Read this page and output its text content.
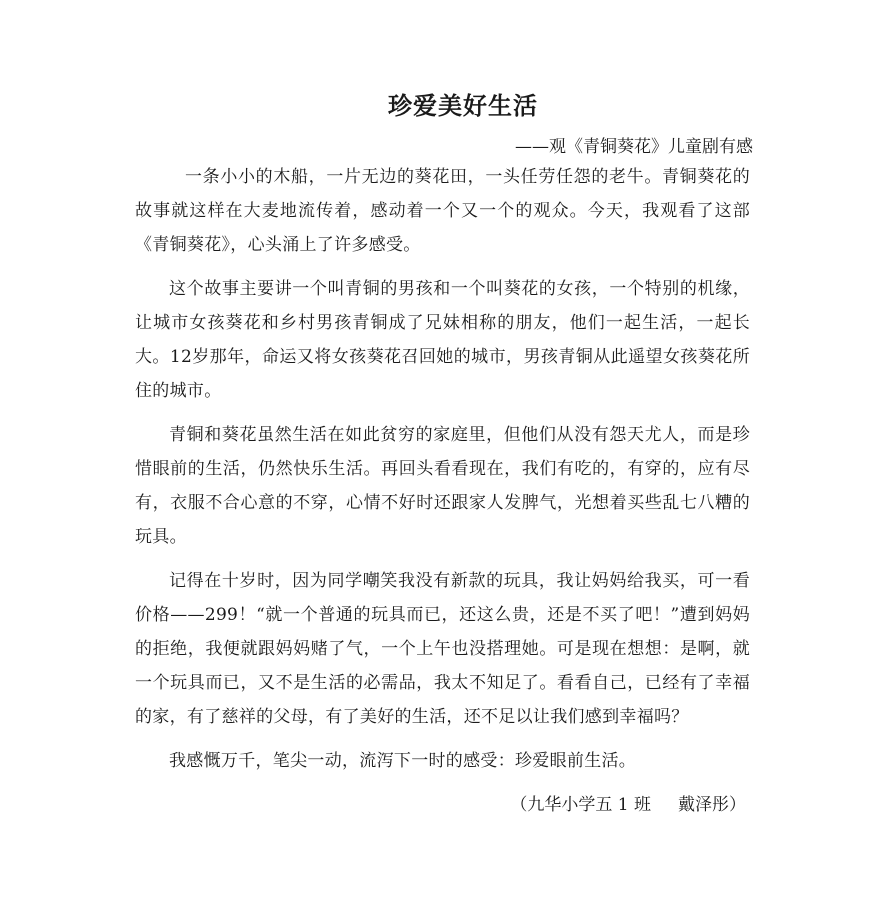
珍爱美好生活

——观《青铜葵花》儿童剧有感

一条小小的木船，一片无边的葵花田，一头任劳任怨的老牛。青铜葵花的故事就这样在大麦地流传着，感动着一个又一个的观众。今天，我观看了这部《青铜葵花》，心头涌上了许多感受。

这个故事主要讲一个叫青铜的男孩和一个叫葵花的女孩，一个特别的机缘，让城市女孩葵花和乡村男孩青铜成了兄妹相称的朋友，他们一起生活，一起长大。12岁那年，命运又将女孩葵花召回她的城市，男孩青铜从此遥望女孩葵花所住的城市。

青铜和葵花虽然生活在如此贫穷的家庭里，但他们从没有怨天尤人，而是珍惜眼前的生活，仍然快乐生活。再回头看看现在，我们有吃的，有穿的，应有尽有，衣服不合心意的不穿，心情不好时还跟家人发脾气，光想着买些乱七八糟的玩具。

记得在十岁时，因为同学嘲笑我没有新款的玩具，我让妈妈给我买，可一看价格——299！“就一个普通的玩具而已，还这么贵，还是不买了吧！”遭到妈妈的拒绝，我便就跟妈妈赌了气，一个上午也没搭理她。可是现在想想：是啊，就一个玩具而已，又不是生活的必需品，我太不知足了。看看自己，已经有了幸福的家，有了慈祥的父母，有了美好的生活，还不足以让我们感到幸福吗？

我感慨万千，笔尖一动，流泻下一时的感受：珍爱眼前生活。

（九华小学五 1 班     戴泽彤）
